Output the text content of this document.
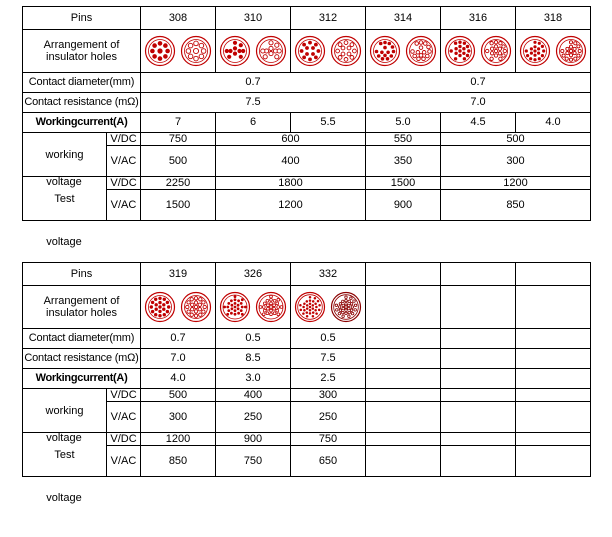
Pins		308	310	312	314	316	318

Arrangement of
insulator holes

Contact diameter(mm)		0.7			0.7		
Contact resistance (mΩ)		7.5			7.0		
Workingcurrent(A)		7	6	5.5	5.0	4.5	4.0

working	V/DC	750	600		550	500	
	V/AC	500	400		350	300	

Test	V/DC	2250	1800		1500	1200	
	V/AC	1500	1200		900	850	
voltage
voltage
Pins		319	326	332			

Arrangement of
insulator holes

Contact diameter(mm)		0.7	0.5	0.5			
Contact resistance (mΩ)		7.0	8.5	7.5			
Workingcurrent(A)		4.0	3.0	2.5			

working	V/DC	500	400	300			
	V/AC	300	250	250			

Test	V/DC	1200	900	750			
	V/AC	850	750	650			
voltage
voltage
